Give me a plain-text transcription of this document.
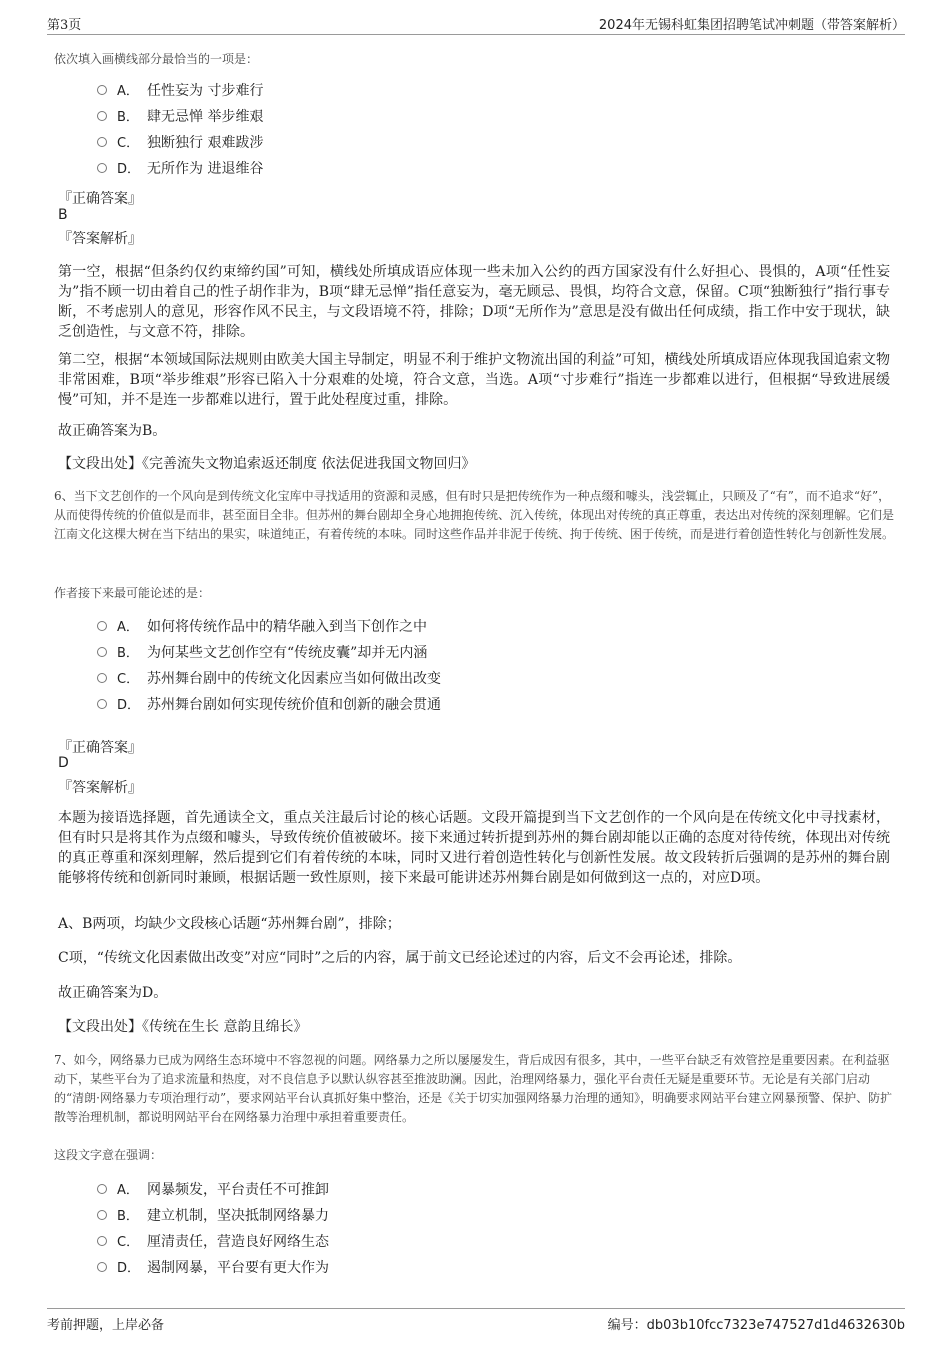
第3页	2024年无锡科虹集团招聘笔试冲刺题（带答案解析）
依次填入画横线部分最恰当的一项是：
A． 任性妄为 寸步难行
B． 肆无忌惮 举步维艰
C． 独断独行 艰难跋涉
D． 无所作为 进退维谷
『正确答案』
B
『答案解析』
第一空，根据“但条约仅约束缔约国”可知，横线处所填成语应体现一些未加入公约的西方国家没有什么好担心、畏惧的，A项“任性妄为”指不顾一切由着自己的性子胡作非为，B项“肆无忌惮”指任意妄为，毫无顾忌、畏惧，均符合文意，保留。C项“独断独行”指行事专断，不考虑别人的意见，形容作风不民主，与文段语境不符，排除；D项“无所作为”意思是没有做出任何成绩，指工作中安于现状，缺乏创造性，与文意不符，排除。
第二空，根据“本领域国际法规则由欧美大国主导制定，明显不利于维护文物流出国的利益”可知，横线处所填成语应体现我国追索文物非常困难，B项“举步维艰”形容已陷入十分艰难的处境，符合文意，当选。A项“寸步难行”指连一步都难以进行，但根据“导致进展缓慢”可知，并不是连一步都难以进行，置于此处程度过重，排除。
故正确答案为B。
【文段出处】《完善流失文物追索返还制度 依法促进我国文物回归》
6、当下文艺创作的一个风向是到传统文化宝库中寻找适用的资源和灵感，但有时只是把传统作为一种点缀和噱头，浅尝辄止，只顾及了“有”，而不追求“好”，从而使得传统的价值似是而非，甚至面目全非。但苏州的舞台剧却全身心地拥抱传统、沉入传统，体现出对传统的真正尊重，表达出对传统的深刻理解。它们是江南文化这棵大树在当下结出的果实，味道纯正，有着传统的本味。同时这些作品并非泥于传统、拘于传统、困于传统，而是进行着创造性转化与创新性发展。
作者接下来最可能论述的是：
A． 如何将传统作品中的精华融入到当下创作之中
B． 为何某些文艺创作空有“传统皮囊”却并无内涵
C． 苏州舞台剧中的传统文化因素应当如何做出改变
D． 苏州舞台剧如何实现传统价值和创新的融会贯通
『正确答案』
D
『答案解析』
本题为接语选择题，首先通读全文，重点关注最后讨论的核心话题。文段开篇提到当下文艺创作的一个风向是在传统文化中寻找素材，但有时只是将其作为点缀和噱头，导致传统价值被破坏。接下来通过转折提到苏州的舞台剧却能以正确的态度对待传统，体现出对传统的真正尊重和深刻理解，然后提到它们有着传统的本味，同时又进行着创造性转化与创新性发展。故文段转折后强调的是苏州的舞台剧能够将传统和创新同时兼顾，根据话题一致性原则，接下来最可能讲述苏州舞台剧是如何做到这一点的，对应D项。
A、B两项，均缺少文段核心话题“苏州舞台剧”，排除；
C项，“传统文化因素做出改变”对应“同时”之后的内容，属于前文已经论述过的内容，后文不会再论述，排除。
故正确答案为D。
【文段出处】《传统在生长 意韵且绵长》
7、如今，网络暴力已成为网络生态环境中不容忽视的问题。网络暴力之所以屡屡发生，背后成因有很多，其中，一些平台缺乏有效管控是重要因素。在利益驱动下，某些平台为了追求流量和热度，对不良信息予以默认纵容甚至推波助澜。因此，治理网络暴力，强化平台责任无疑是重要环节。无论是有关部门启动的“清朗·网络暴力专项治理行动”，要求网站平台认真抓好集中整治，还是《关于切实加强网络暴力治理的通知》，明确要求网站平台建立网暴预警、保护、防扩散等治理机制，都说明网站平台在网络暴力治理中承担着重要责任。
这段文字意在强调：
A． 网暴频发，平台责任不可推卸
B． 建立机制，坚决抵制网络暴力
C． 厘清责任，营造良好网络生态
D． 遏制网暴，平台要有更大作为
考前押题，上岸必备	编号：db03b10fcc7323e747527d1d4632630b
